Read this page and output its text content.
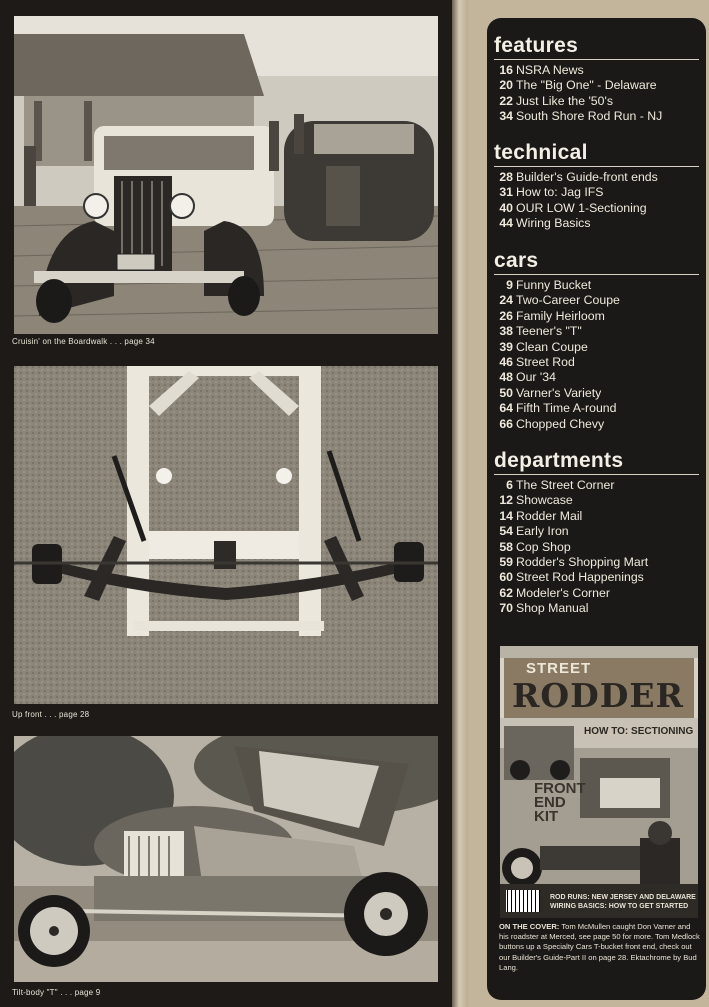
Cruisin' on the Boardwalk . . . page 34
Up front . . . page 28
Tilt-body "T" . . . page 9
features
16 NSRA News
20 The "Big One" - Delaware
22 Just Like the '50's
34 South Shore Rod Run - NJ
technical
28 Builder's Guide-front ends
31 How to: Jag IFS
40 OUR LOW 1-Sectioning
44 Wiring Basics
cars
9 Funny Bucket
24 Two-Career Coupe
26 Family Heirloom
38 Teener's "T"
39 Clean Coupe
46 Street Rod
48 Our '34
50 Varner's Variety
64 Fifth Time A-round
66 Chopped Chevy
departments
6 The Street Corner
12 Showcase
14 Rodder Mail
54 Early Iron
58 Cop Shop
59 Rodder's Shopping Mart
60 Street Rod Happenings
62 Modeler's Corner
70 Shop Manual
STREET
RODDER
HOW TO: SECTIONING
FRONT END KIT
ROD RUNS: NEW JERSEY AND DELAWARE
WIRING BASICS: HOW TO GET STARTED
ON THE COVER: Tom McMullen caught Don Varner and his roadster at Merced, see page 50 for more. Tom Medlock buttons up a Specialty Cars T-bucket front end, check out our Builder's Guide-Part II on page 28. Ektachrome by Bud Lang.
